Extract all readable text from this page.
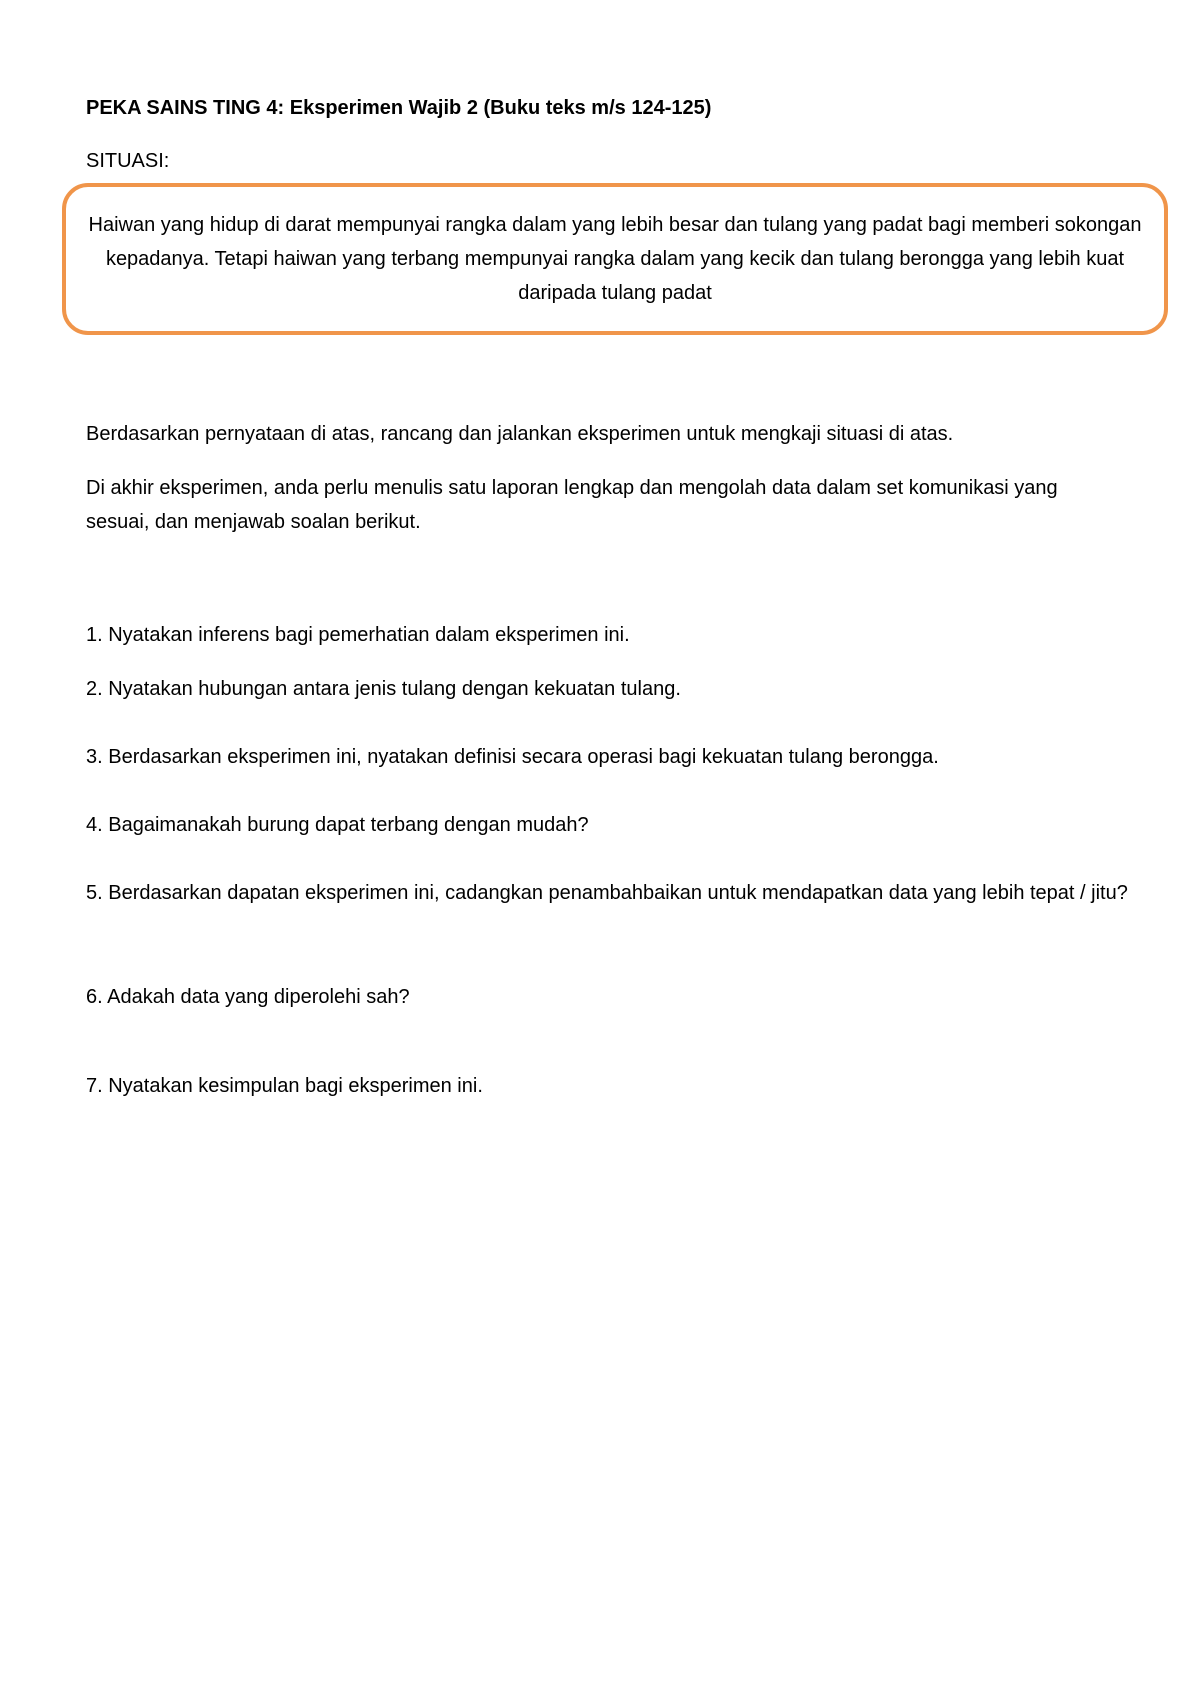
PEKA SAINS TING 4: Eksperimen Wajib 2 (Buku teks m/s 124-125)
SITUASI:
Haiwan yang hidup di darat mempunyai rangka dalam yang lebih besar dan tulang yang padat bagi memberi sokongan kepadanya. Tetapi haiwan yang terbang mempunyai rangka dalam yang kecik dan tulang berongga yang lebih kuat daripada tulang padat
Berdasarkan pernyataan di atas, rancang dan jalankan eksperimen untuk mengkaji situasi di atas.
Di akhir eksperimen, anda perlu menulis satu laporan lengkap dan mengolah data dalam set komunikasi yang sesuai, dan menjawab soalan berikut.
1. Nyatakan inferens bagi pemerhatian dalam eksperimen ini.
2. Nyatakan hubungan antara jenis tulang dengan kekuatan tulang.
3. Berdasarkan eksperimen ini, nyatakan definisi secara operasi bagi kekuatan tulang berongga.
4. Bagaimanakah burung dapat terbang dengan mudah?
5. Berdasarkan dapatan eksperimen ini, cadangkan penambahbaikan untuk mendapatkan data yang lebih tepat / jitu?
6. Adakah data yang diperolehi sah?
7. Nyatakan kesimpulan bagi eksperimen ini.
